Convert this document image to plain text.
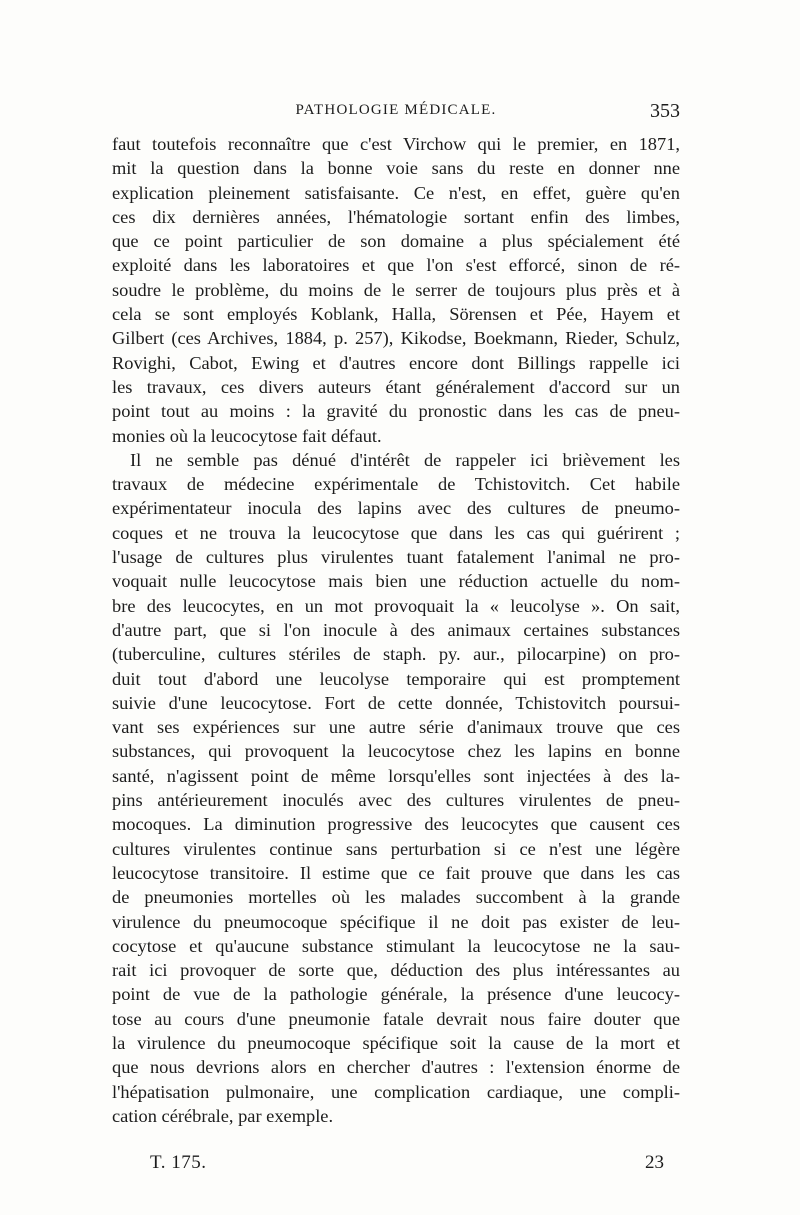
PATHOLOGIE MÉDICALE.	353
faut toutefois reconnaître que c'est Virchow qui le premier, en 1871,
mit la question dans la bonne voie sans du reste en donner nne
explication pleinement satisfaisante. Ce n'est, en effet, guère qu'en
ces dix dernières années, l'hématologie sortant enfin des limbes,
que ce point particulier de son domaine a plus spécialement été
exploité dans les laboratoires et que l'on s'est efforcé, sinon de ré-
soudre le problème, du moins de le serrer de toujours plus près et à
cela se sont employés Koblank, Halla, Sörensen et Pée, Hayem et
Gilbert (ces Archives, 1884, p. 257), Kikodse, Boekmann, Rieder, Schulz,
Rovighi, Cabot, Ewing et d'autres encore dont Billings rappelle ici
les travaux, ces divers auteurs étant généralement d'accord sur un
point tout au moins : la gravité du pronostic dans les cas de pneu-
monies où la leucocytose fait défaut.
Il ne semble pas dénué d'intérêt de rappeler ici brièvement les
travaux de médecine expérimentale de Tchistovitch. Cet habile
expérimentateur inocula des lapins avec des cultures de pneumo-
coques et ne trouva la leucocytose que dans les cas qui guérirent ;
l'usage de cultures plus virulentes tuant fatalement l'animal ne pro-
voquait nulle leucocytose mais bien une réduction actuelle du nom-
bre des leucocytes, en un mot provoquait la « leucolyse ». On sait,
d'autre part, que si l'on inocule à des animaux certaines substances
(tuberculine, cultures stériles de staph. py. aur., pilocarpine) on pro-
duit tout d'abord une leucolyse temporaire qui est promptement
suivie d'une leucocytose. Fort de cette donnée, Tchistovitch poursui-
vant ses expériences sur une autre série d'animaux trouve que ces
substances, qui provoquent la leucocytose chez les lapins en bonne
santé, n'agissent point de même lorsqu'elles sont injectées à des la-
pins antérieurement inoculés avec des cultures virulentes de pneu-
mocoques. La diminution progressive des leucocytes que causent ces
cultures virulentes continue sans perturbation si ce n'est une légère
leucocytose transitoire. Il estime que ce fait prouve que dans les cas
de pneumonies mortelles où les malades succombent à la grande
virulence du pneumocoque spécifique il ne doit pas exister de leu-
cocytose et qu'aucune substance stimulant la leucocytose ne la sau-
rait ici provoquer de sorte que, déduction des plus intéressantes au
point de vue de la pathologie générale, la présence d'une leucocy-
tose au cours d'une pneumonie fatale devrait nous faire douter que
la virulence du pneumocoque spécifique soit la cause de la mort et
que nous devrions alors en chercher d'autres : l'extension énorme de
l'hépatisation pulmonaire, une complication cardiaque, une compli-
cation cérébrale, par exemple.
T. 175.	23
